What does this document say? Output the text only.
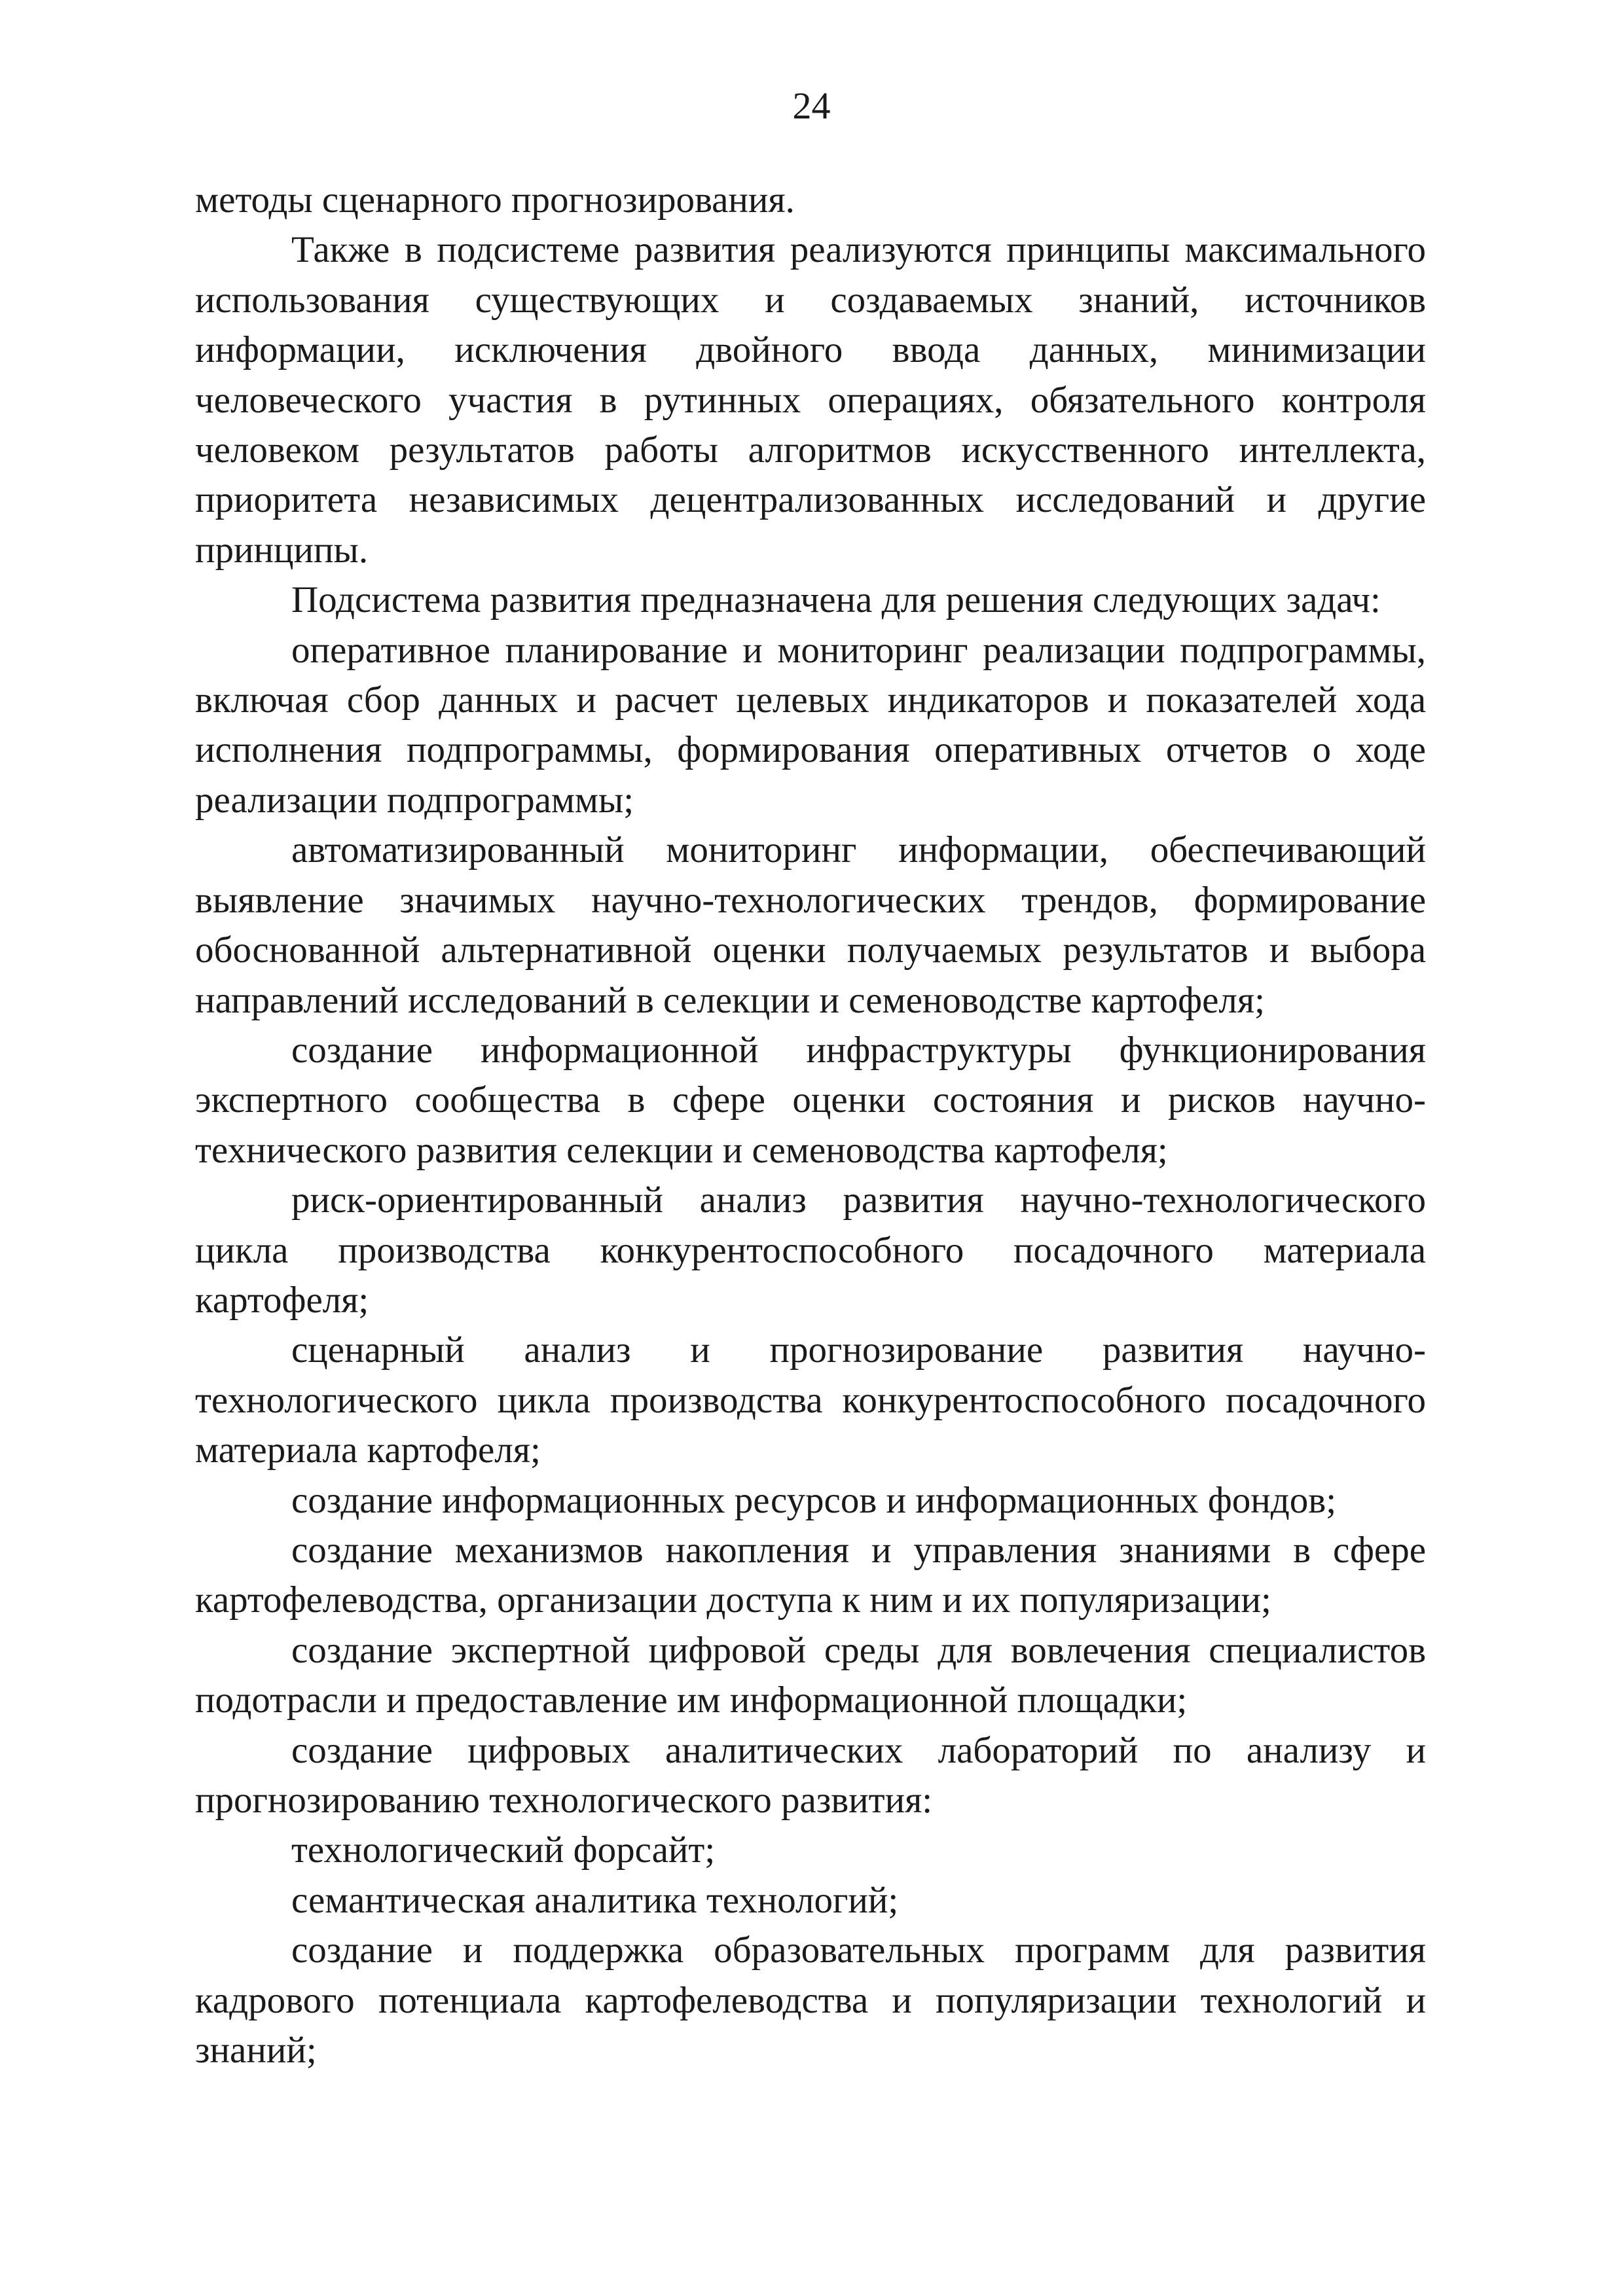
24

методы сценарного прогнозирования.

Также в подсистеме развития реализуются принципы максимального использования существующих и создаваемых знаний, источников информации, исключения двойного ввода данных, минимизации человеческого участия в рутинных операциях, обязательного контроля человеком результатов работы алгоритмов искусственного интеллекта, приоритета независимых децентрализованных исследований и другие принципы.

Подсистема развития предназначена для решения следующих задач:

оперативное планирование и мониторинг реализации подпрограммы, включая сбор данных и расчет целевых индикаторов и показателей хода исполнения подпрограммы, формирования оперативных отчетов о ходе реализации подпрограммы;

автоматизированный мониторинг информации, обеспечивающий выявление значимых научно-технологических трендов, формирование обоснованной альтернативной оценки получаемых результатов и выбора направлений исследований в селекции и семеноводстве картофеля;

создание информационной инфраструктуры функционирования экспертного сообщества в сфере оценки состояния и рисков научно-технического развития селекции и семеноводства картофеля;

риск-ориентированный анализ развития научно-технологического цикла производства конкурентоспособного посадочного материала картофеля;

сценарный анализ и прогнозирование развития научно-технологического цикла производства конкурентоспособного посадочного материала картофеля;

создание информационных ресурсов и информационных фондов;

создание механизмов накопления и управления знаниями в сфере картофелеводства, организации доступа к ним и их популяризации;

создание экспертной цифровой среды для вовлечения специалистов подотрасли и предоставление им информационной площадки;

создание цифровых аналитических лабораторий по анализу и прогнозированию технологического развития:

технологический форсайт;

семантическая аналитика технологий;

создание и поддержка образовательных программ для развития кадрового потенциала картофелеводства и популяризации технологий и знаний;
